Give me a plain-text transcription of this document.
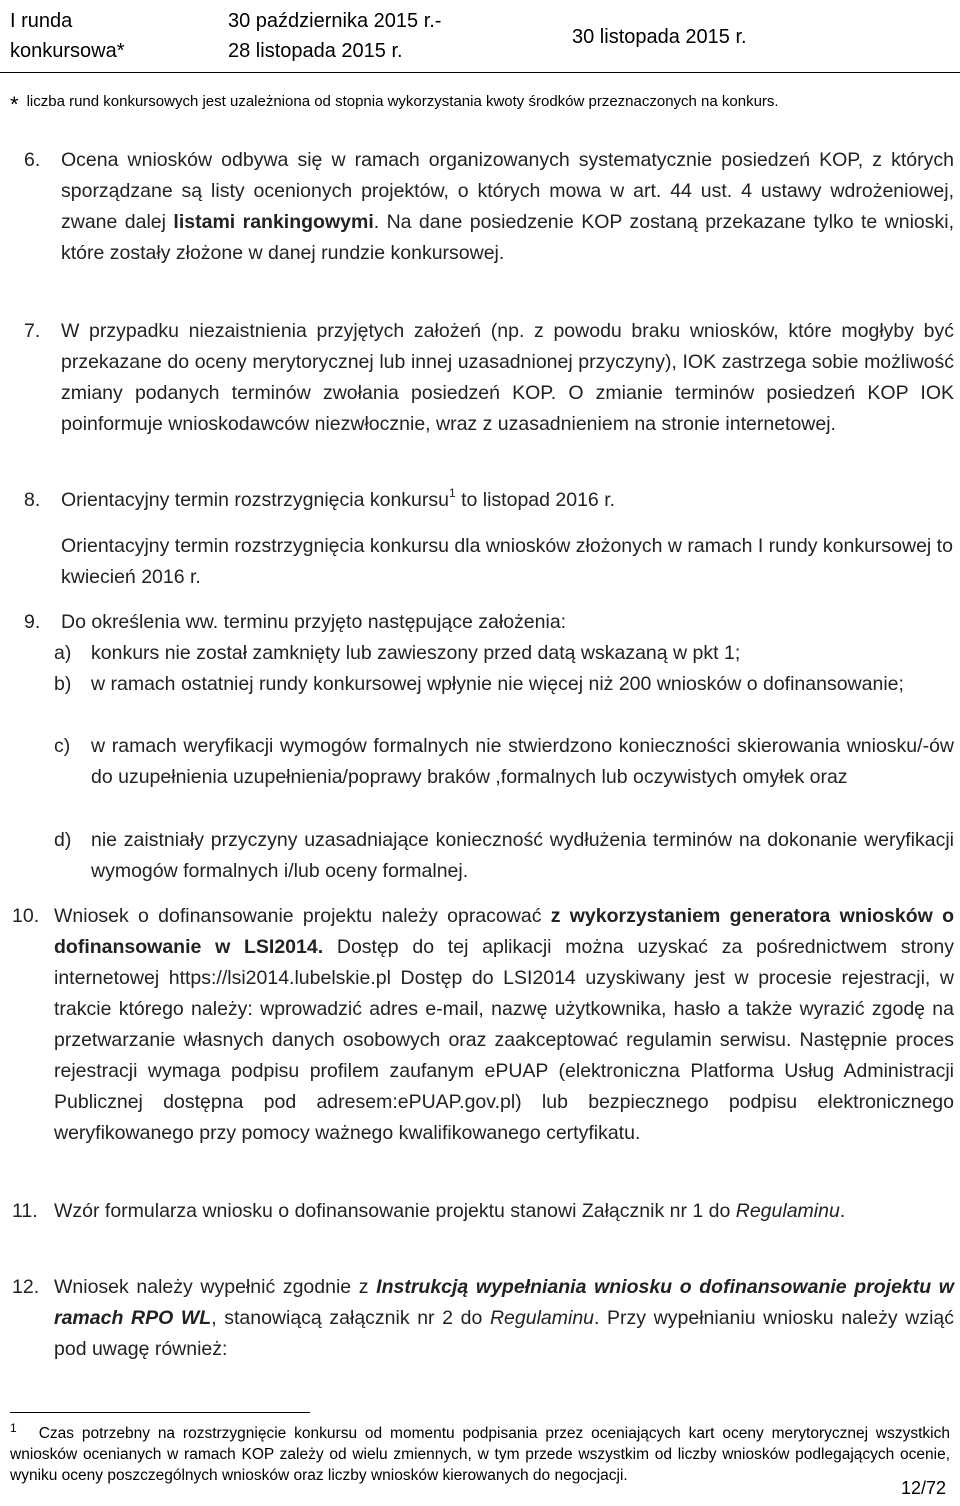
I runda
konkursowa*
30 października 2015 r.-
28 listopada 2015 r.
30 listopada 2015 r.
* liczba rund konkursowych jest uzależniona od stopnia wykorzystania kwoty środków przeznaczonych na konkurs.
6. Ocena wniosków odbywa się w ramach organizowanych systematycznie posiedzeń KOP, z których sporządzane są listy ocenionych projektów, o których mowa w art. 44 ust. 4 ustawy wdrożeniowej, zwane dalej listami rankingowymi. Na dane posiedzenie KOP zostaną przekazane tylko te wnioski, które zostały złożone w danej rundzie konkursowej.
7. W przypadku niezaistnienia przyjętych założeń (np. z powodu braku wniosków, które mogłyby być przekazane do oceny merytorycznej lub innej uzasadnionej przyczyny), IOK zastrzega sobie możliwość zmiany podanych terminów zwołania posiedzeń KOP. O zmianie terminów posiedzeń KOP IOK poinformuje wnioskodawców niezwłocznie, wraz z uzasadnieniem na stronie internetowej.
8. Orientacyjny termin rozstrzygnięcia konkursu$^1$ to listopad 2016 r.
Orientacyjny termin rozstrzygnięcia konkursu dla wniosków złożonych w ramach I rundy konkursowej to kwiecień 2016 r.
9. Do określenia ww. terminu przyjęto następujące założenia:
a) konkurs nie został zamknięty lub zawieszony przed datą wskazaną w pkt 1;
b) w ramach ostatniej rundy konkursowej wpłynie nie więcej niż 200 wniosków o dofinansowanie;
c) w ramach weryfikacji wymogów formalnych nie stwierdzono konieczności skierowania wniosku/-ów do uzupełnienia uzupełnienia/poprawy braków ,formalnych lub oczywistych omyłek oraz
d) nie zaistniały przyczyny uzasadniające konieczność wydłużenia terminów na dokonanie weryfikacji wymogów formalnych i/lub oceny formalnej.
10. Wniosek o dofinansowanie projektu należy opracować z wykorzystaniem generatora wniosków o dofinansowanie w LSI2014. Dostęp do tej aplikacji można uzyskać za pośrednictwem strony internetowej https://lsi2014.lubelskie.pl Dostęp do LSI2014 uzyskiwany jest w procesie rejestracji, w trakcie którego należy: wprowadzić adres e-mail, nazwę użytkownika, hasło a także wyrazić zgodę na przetwarzanie własnych danych osobowych oraz zaakceptować regulamin serwisu. Następnie proces rejestracji wymaga podpisu profilem zaufanym ePUAP (elektroniczna Platforma Usług Administracji Publicznej dostępna pod adresem:ePUAP.gov.pl) lub bezpiecznego podpisu elektronicznego weryfikowanego przy pomocy ważnego kwalifikowanego certyfikatu.
11. Wzór formularza wniosku o dofinansowanie projektu stanowi Załącznik nr 1 do Regulaminu.
12. Wniosek należy wypełnić zgodnie z Instrukcją wypełniania wniosku o dofinansowanie projektu w ramach RPO WL, stanowiącą załącznik nr 2 do Regulaminu. Przy wypełnianiu wniosku należy wziąć pod uwagę również:
$^1$ Czas potrzebny na rozstrzygnięcie konkursu od momentu podpisania przez oceniających kart oceny merytorycznej wszystkich wniosków ocenianych w ramach KOP zależy od wielu zmiennych, w tym przede wszystkim od liczby wniosków podlegających ocenie, wyniku oceny poszczególnych wniosków oraz liczby wniosków kierowanych do negocjacji.
12/72
